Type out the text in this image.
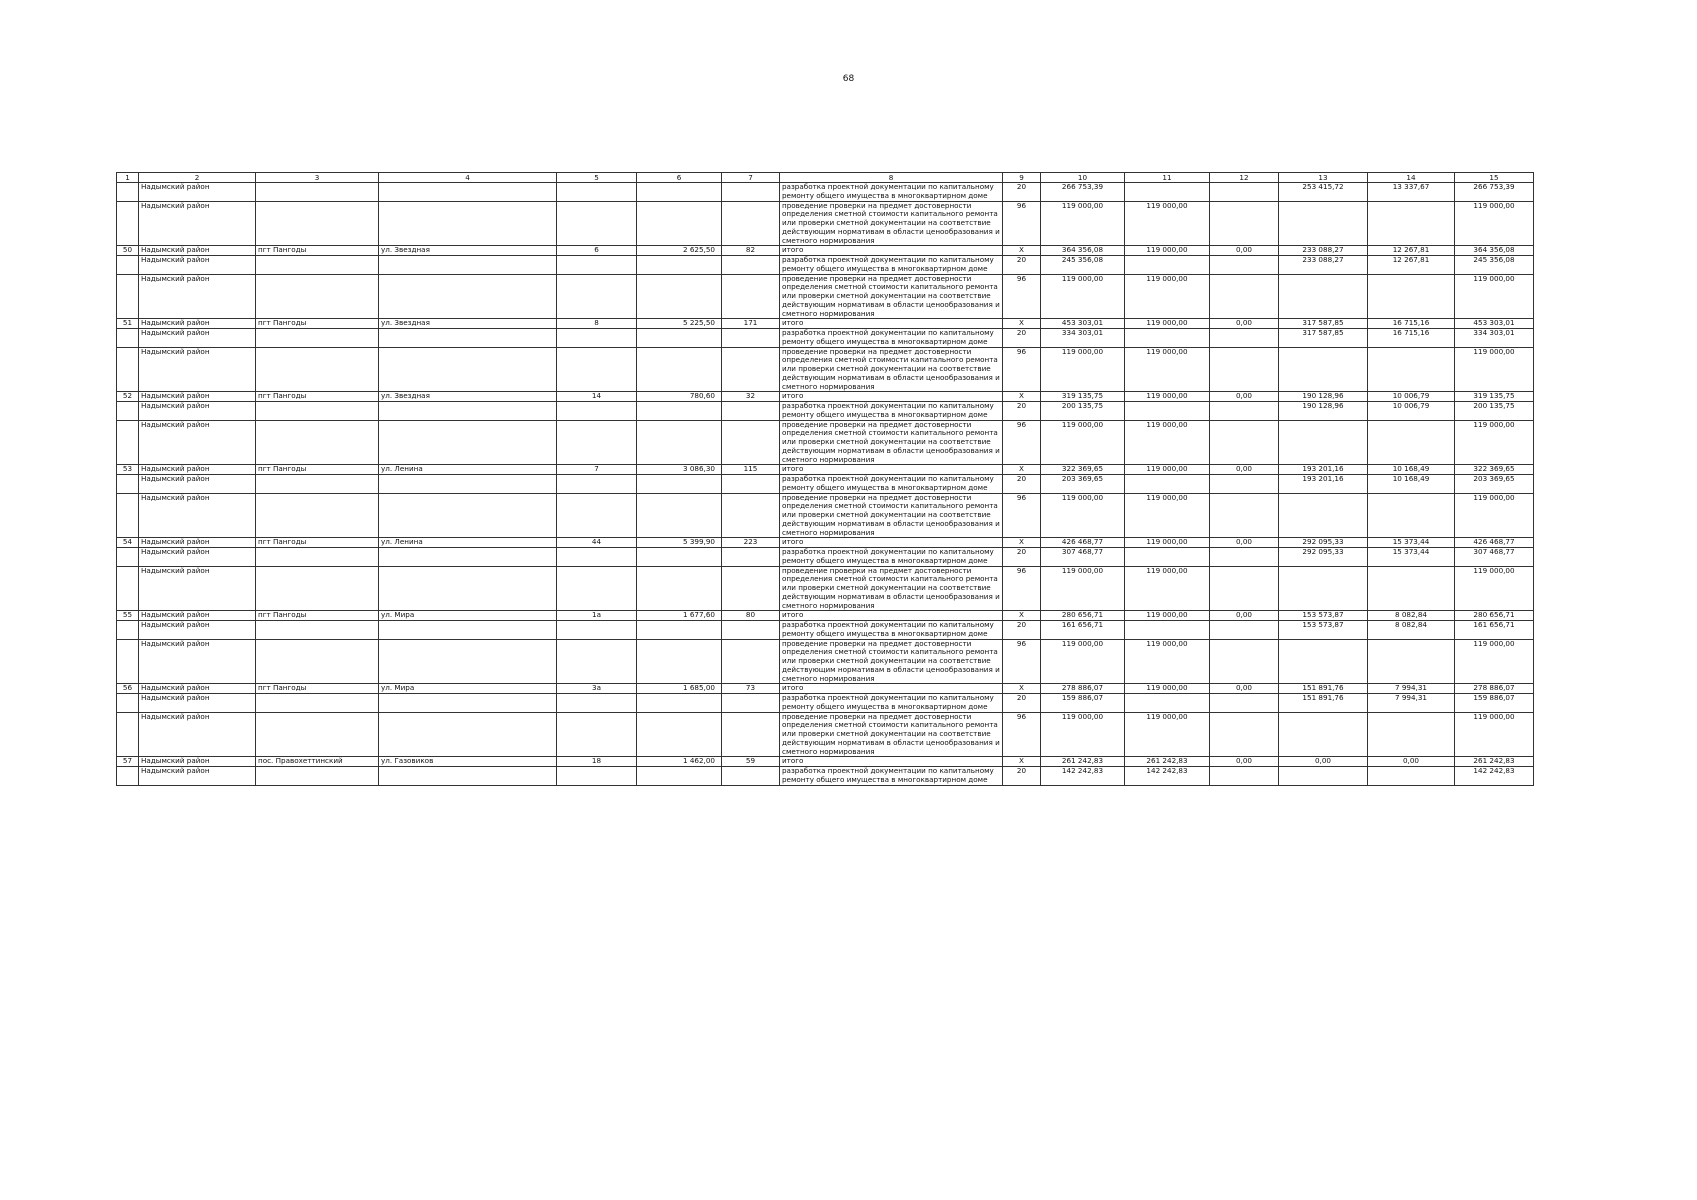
68
1	2	3	4	5	6	7	8	9	10	11	12	13	14	15
	Надымский район						разработка проектной документации по капитальному ремонту общего имущества в многоквартирном доме	20	266 753,39			253 415,72	13 337,67	266 753,39
	Надымский район						проведение проверки на предмет достоверности определения сметной стоимости капитального ремонта или проверки сметной документации на соответствие действующим нормативам в области ценообразования и сметного нормирования	96	119 000,00	119 000,00				119 000,00
50	Надымский район	пгт Пангоды	ул. Звездная	6	2 625,50	82	итого	X	364 356,08	119 000,00	0,00	233 088,27	12 267,81	364 356,08
	Надымский район						разработка проектной документации по капитальному ремонту общего имущества в многоквартирном доме	20	245 356,08			233 088,27	12 267,81	245 356,08
	Надымский район						проведение проверки на предмет достоверности определения сметной стоимости капитального ремонта или проверки сметной документации на соответствие действующим нормативам в области ценообразования и сметного нормирования	96	119 000,00	119 000,00				119 000,00
51	Надымский район	пгт Пангоды	ул. Звездная	8	5 225,50	171	итого	X	453 303,01	119 000,00	0,00	317 587,85	16 715,16	453 303,01
	Надымский район						разработка проектной документации по капитальному ремонту общего имущества в многоквартирном доме	20	334 303,01			317 587,85	16 715,16	334 303,01
	Надымский район						проведение проверки на предмет достоверности определения сметной стоимости капитального ремонта или проверки сметной документации на соответствие действующим нормативам в области ценообразования и сметного нормирования	96	119 000,00	119 000,00				119 000,00
52	Надымский район	пгт Пангоды	ул. Звездная	14	780,60	32	итого	X	319 135,75	119 000,00	0,00	190 128,96	10 006,79	319 135,75
	Надымский район						разработка проектной документации по капитальному ремонту общего имущества в многоквартирном доме	20	200 135,75			190 128,96	10 006,79	200 135,75
	Надымский район						проведение проверки на предмет достоверности определения сметной стоимости капитального ремонта или проверки сметной документации на соответствие действующим нормативам в области ценообразования и сметного нормирования	96	119 000,00	119 000,00				119 000,00
53	Надымский район	пгт Пангоды	ул. Ленина	7	3 086,30	115	итого	X	322 369,65	119 000,00	0,00	193 201,16	10 168,49	322 369,65
	Надымский район						разработка проектной документации по капитальному ремонту общего имущества в многоквартирном доме	20	203 369,65			193 201,16	10 168,49	203 369,65
	Надымский район						проведение проверки на предмет достоверности определения сметной стоимости капитального ремонта или проверки сметной документации на соответствие действующим нормативам в области ценообразования и сметного нормирования	96	119 000,00	119 000,00				119 000,00
54	Надымский район	пгт Пангоды	ул. Ленина	44	5 399,90	223	итого	X	426 468,77	119 000,00	0,00	292 095,33	15 373,44	426 468,77
	Надымский район						разработка проектной документации по капитальному ремонту общего имущества в многоквартирном доме	20	307 468,77			292 095,33	15 373,44	307 468,77
	Надымский район						проведение проверки на предмет достоверности определения сметной стоимости капитального ремонта или проверки сметной документации на соответствие действующим нормативам в области ценообразования и сметного нормирования	96	119 000,00	119 000,00				119 000,00
55	Надымский район	пгт Пангоды	ул. Мира	1а	1 677,60	80	итого	X	280 656,71	119 000,00	0,00	153 573,87	8 082,84	280 656,71
	Надымский район						разработка проектной документации по капитальному ремонту общего имущества в многоквартирном доме	20	161 656,71			153 573,87	8 082,84	161 656,71
	Надымский район						проведение проверки на предмет достоверности определения сметной стоимости капитального ремонта или проверки сметной документации на соответствие действующим нормативам в области ценообразования и сметного нормирования	96	119 000,00	119 000,00				119 000,00
56	Надымский район	пгт Пангоды	ул. Мира	3а	1 685,00	73	итого	X	278 886,07	119 000,00	0,00	151 891,76	7 994,31	278 886,07
	Надымский район						разработка проектной документации по капитальному ремонту общего имущества в многоквартирном доме	20	159 886,07			151 891,76	7 994,31	159 886,07
	Надымский район						проведение проверки на предмет достоверности определения сметной стоимости капитального ремонта или проверки сметной документации на соответствие действующим нормативам в области ценообразования и сметного нормирования	96	119 000,00	119 000,00				119 000,00
57	Надымский район	пос. Правохеттинский	ул. Газовиков	18	1 462,00	59	итого	X	261 242,83	261 242,83	0,00	0,00	0,00	261 242,83
	Надымский район						разработка проектной документации по капитальному ремонту общего имущества в многоквартирном доме	20	142 242,83	142 242,83				142 242,83
